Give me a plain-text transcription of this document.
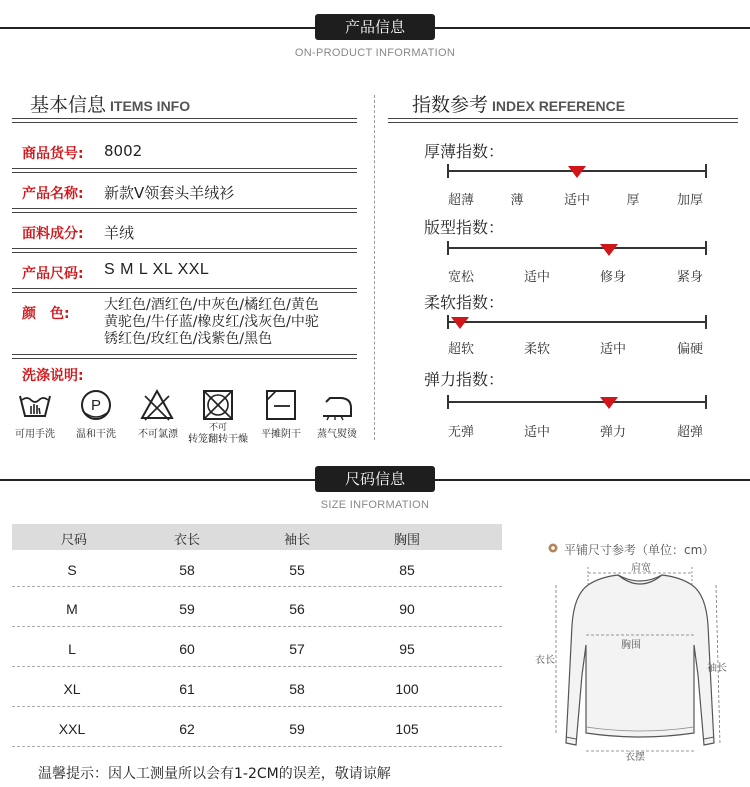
产品信息
ON-PRODUCT INFORMATION
基本信息 ITEMS INFO
商品货号: 8002
产品名称: 新款V领套头羊绒衫
面料成分: 羊绒
产品尺码: S M L XL XXL
颜　色:
大红色/酒红色/中灰色/橘红色/黄色
黄驼色/牛仔蓝/橡皮红/浅灰色/中驼
锈红色/玫红色/浅紫色/黑色
洗涤说明:
可用手洗
P
温和干洗	不可氯漂
不可
转笼翻转干燥	平摊阴干	蒸气熨烫
指数参考 INDEX REFERENCE
厚薄指数：
超薄	薄	适中	厚	加厚
版型指数：
宽松	适中	修身	紧身
柔软指数：
超软	柔软	适中	偏硬
弹力指数：
无弹	适中	弹力	超弹
尺码信息
SIZE INFORMATION
尺码	衣长	袖长	胸围
S	58	55	85
M	59	56	90
L	60	57	95
XL	61	58	100
XXL	62	59	105
温馨提示：因人工测量所以会有1-2CM的误差，敬请谅解
平铺尺寸参考（单位：cm）
肩宽
胸围
衣长
袖长
衣摆
